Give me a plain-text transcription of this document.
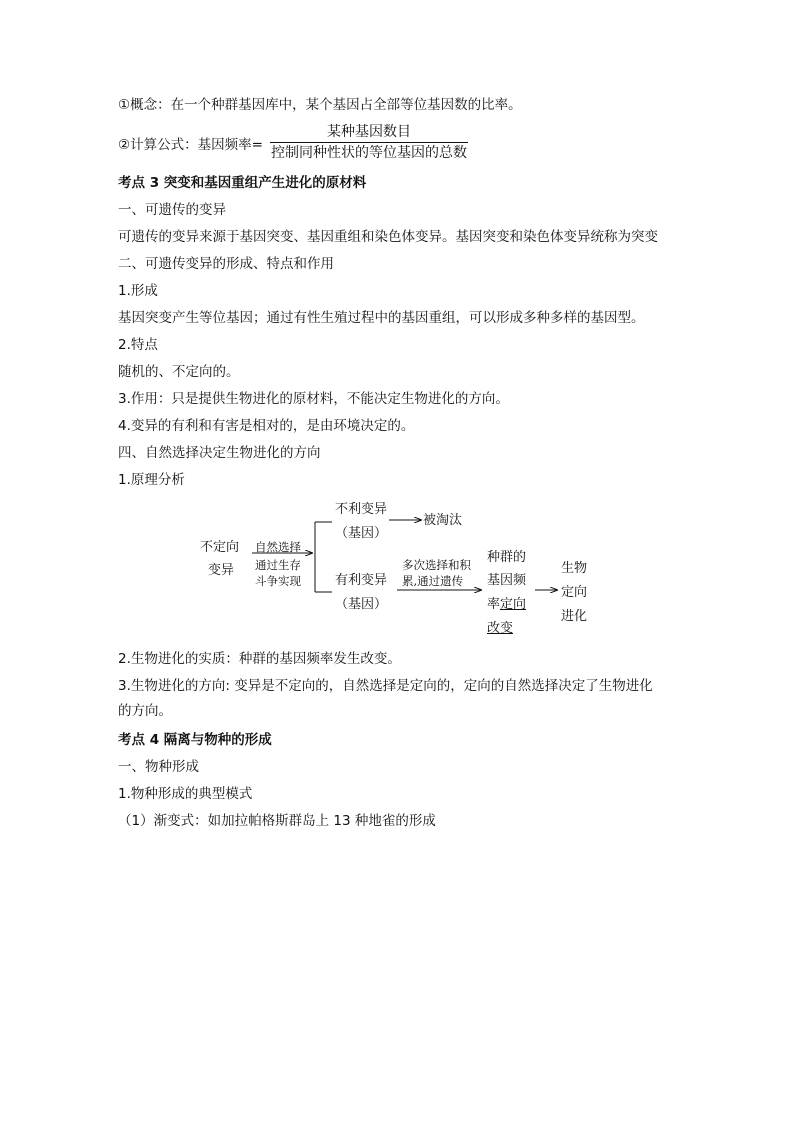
①概念：在一个种群基因库中，某个基因占全部等位基因数的比率。
②计算公式：基因频率=
某种基因数目
控制同种性状的等位基因的总数
考点 3 突变和基因重组产生进化的原材料
一、可遗传的变异
可遗传的变异来源于基因突变、基因重组和染色体变异。基因突变和染色体变异统称为突变
二、可遗传变异的形成、特点和作用
1.形成
基因突变产生等位基因；通过有性生殖过程中的基因重组，可以形成多种多样的基因型。
2.特点
随机的、不定向的。
3.作用：只是提供生物进化的原材料，不能决定生物进化的方向。
4.变异的有利和有害是相对的，是由环境决定的。
四、自然选择决定生物进化的方向
1.原理分析
不定向
变异
自然选择
通过生存
斗争实现
不利变异
（基因）
被淘汰
有利变异
（基因）
多次选择和积
累,通过遗传
种群的
基因频
率定向
改变
生物
定向
进化
2.生物进化的实质：种群的基因频率发生改变。
3.生物进化的方向: 变异是不定向的，自然选择是定向的，定向的自然选择决定了生物进化
的方向。
考点 4 隔离与物种的形成
一、物种形成
1.物种形成的典型模式
（1）渐变式：如加拉帕格斯群岛上 13 种地雀的形成
